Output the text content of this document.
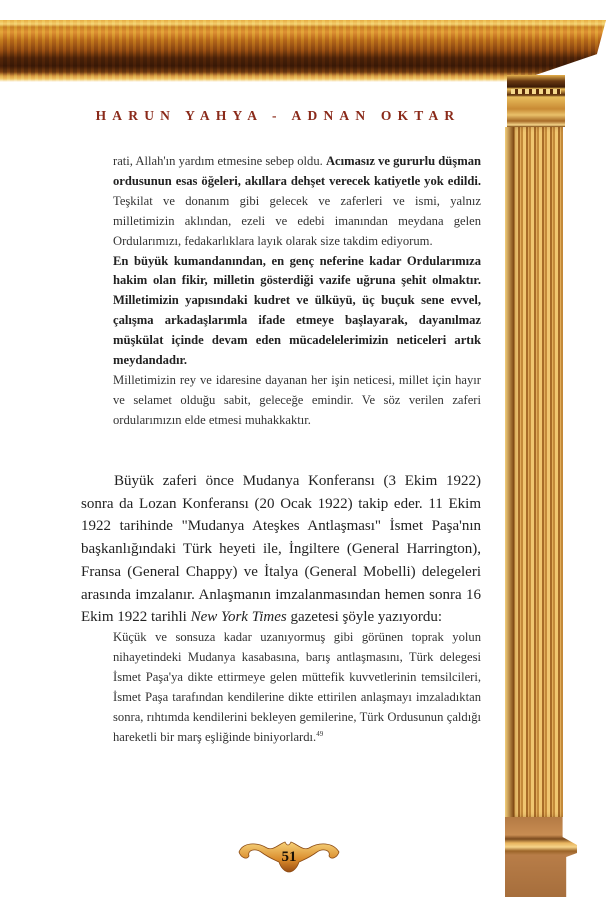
HARUN YAHYA - ADNAN OKTAR

rati, Allah'ın yardım etmesine sebep oldu. Acımasız ve gururlu düşman ordusunun esas öğeleri, akıllara dehşet verecek katiyetle yok edildi. Teşkilat ve donanım gibi gelecek ve zaferleri ve ismi, yalnız milletimizin aklından, ezeli ve edebi imanından meydana gelen Ordularımızı, fedakarlıklara layık olarak size takdim ediyorum.

En büyük kumandanından, en genç neferine kadar Ordularımıza hakim olan fikir, milletin gösterdiği vazife uğruna şehit olmaktır. Milletimizin yapısındaki kudret ve ülküyü, üç buçuk sene evvel, çalışma arkadaşlarımla ifade etmeye başlayarak, dayanılmaz müşkülat içinde devam eden mücadelelerimizin neticeleri artık meydandadır.

Milletimizin rey ve idaresine dayanan her işin neticesi, millet için hayır ve selamet olduğu sabit, geleceğe emindir. Ve söz verilen zaferi ordularımızın elde etmesi muhakkaktır.

Büyük zaferi önce Mudanya Konferansı (3 Ekim 1922) sonra da Lozan Konferansı (20 Ocak 1922) takip eder. 11 Ekim 1922 tarihinde "Mudanya Ateşkes Antlaşması" İsmet Paşa'nın başkanlığındaki Türk heyeti ile, İngiltere (General Harrington), Fransa (General Chappy) ve İtalya (General Mobelli) delegeleri arasında imzalanır. Anlaşmanın imzalanmasından hemen sonra 16 Ekim 1922 tarihli New York Times gazetesi şöyle yazıyordu:

Küçük ve sonsuza kadar uzanıyormuş gibi görünen toprak yolun nihayetindeki Mudanya kasabasına, barış antlaşmasını, Türk delegesi İsmet Paşa'ya dikte ettirmeye gelen müttefik kuvvetlerinin temsilcileri, İsmet Paşa tarafından kendilerine dikte ettirilen anlaşmayı imzaladıktan sonra, rıhtımda kendilerini bekleyen gemilerine, Türk Ordusunun çaldığı hareketli bir marş eşliğinde biniyorlardı.$^{49}$

51
